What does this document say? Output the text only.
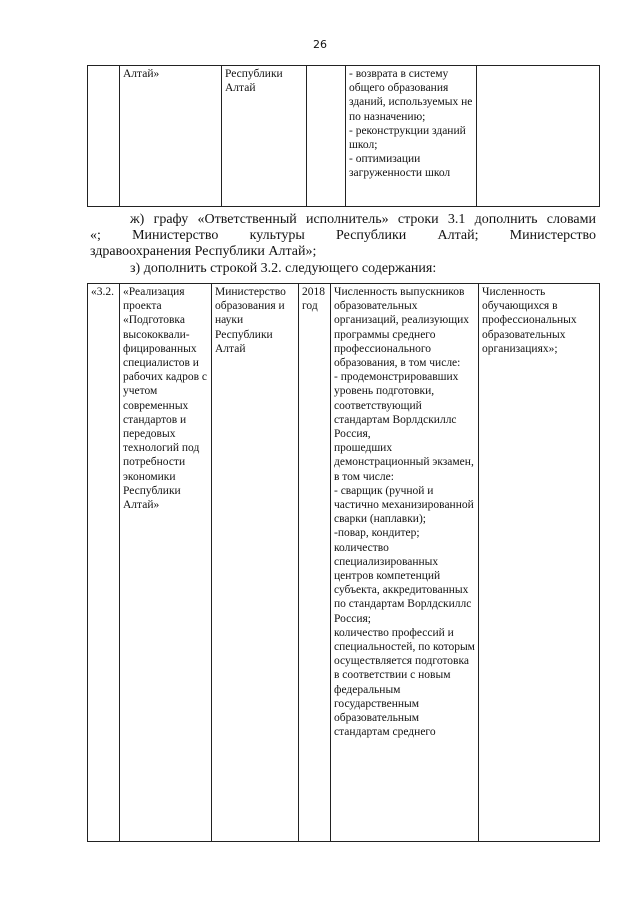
26
	Алтай»	Республики Алтай		- возврата в систему общего образования зданий, используемых не по назначению;
- реконструкции зданий школ;
- оптимизации загруженности школ	
ж) графу «Ответственный исполнитель» строки 3.1 дополнить словами
«; Министерство культуры Республики Алтай; Министерство
здравоохранения Республики Алтай»;
з) дополнить строкой 3.2. следующего содержания:
«3.2.	«Реализация проекта «Подготовка высококвали-фицированных специалистов и рабочих кадров с учетом современных стандартов и передовых технологий под потребности экономики Республики Алтай»	Министерство образования и науки Республики Алтай	2018 год	Численность выпускников образовательных организаций, реализующих программы среднего профессионального образования, в том числе:
- продемонстрировавших уровень подготовки, соответствующий стандартам Ворлдскиллс Россия,
прошедших демонстрационный экзамен, в том числе:
- сварщик (ручной и частично механизированной сварки (наплавки);
-повар, кондитер;
количество специализированных центров компетенций субъекта, аккредитованных по стандартам Ворлдскиллс Россия;
количество профессий и специальностей, по которым осуществляется подготовка в соответствии с новым федеральным государственным образовательным стандартам среднего	Численность обучающихся в профессиональных образовательных организациях»;
